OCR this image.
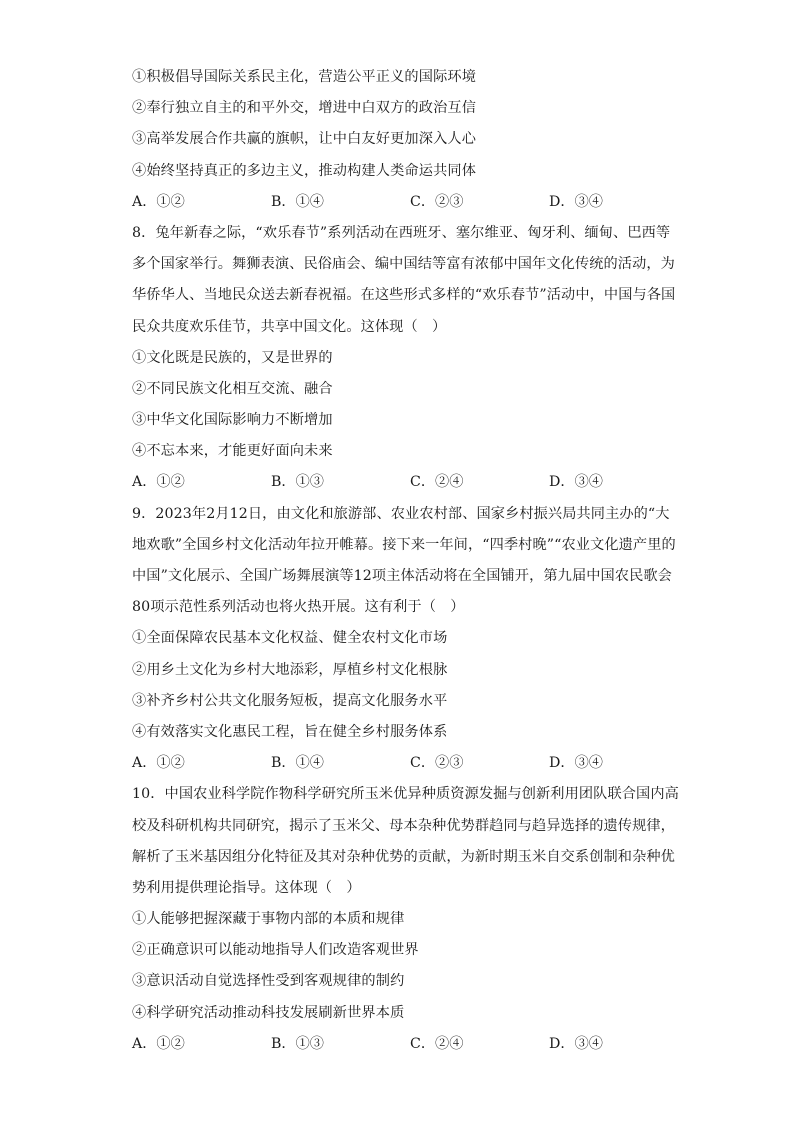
①积极倡导国际关系民主化，营造公平正义的国际环境
②奉行独立自主的和平外交，增进中白双方的政治互信
③高举发展合作共赢的旗帜，让中白友好更加深入人心
④始终坚持真正的多边主义，推动构建人类命运共同体
A．①②	B．①④	C．②③	D．③④
8．兔年新春之际，“欢乐春节”系列活动在西班牙、塞尔维亚、匈牙利、缅甸、巴西等
多个国家举行。舞狮表演、民俗庙会、编中国结等富有浓郁中国年文化传统的活动，为
华侨华人、当地民众送去新春祝福。在这些形式多样的“欢乐春节”活动中，中国与各国
民众共度欢乐佳节，共享中国文化。这体现（　）
①文化既是民族的，又是世界的
②不同民族文化相互交流、融合
③中华文化国际影响力不断增加
④不忘本来，才能更好面向未来
A．①②	B．①③	C．②④	D．③④
9．2023年2月12日，由文化和旅游部、农业农村部、国家乡村振兴局共同主办的“大
地欢歌”全国乡村文化活动年拉开帷幕。接下来一年间，“四季村晚”“农业文化遗产里的
中国”文化展示、全国广场舞展演等12项主体活动将在全国铺开，第九届中国农民歌会
80项示范性系列活动也将火热开展。这有利于（　）
①全面保障农民基本文化权益、健全农村文化市场
②用乡土文化为乡村大地添彩，厚植乡村文化根脉
③补齐乡村公共文化服务短板，提高文化服务水平
④有效落实文化惠民工程，旨在健全乡村服务体系
A．①②	B．①④	C．②③	D．③④
10．中国农业科学院作物科学研究所玉米优异种质资源发掘与创新利用团队联合国内高
校及科研机构共同研究，揭示了玉米父、母本杂种优势群趋同与趋异选择的遗传规律，
解析了玉米基因组分化特征及其对杂种优势的贡献，为新时期玉米自交系创制和杂种优
势利用提供理论指导。这体现（　）
①人能够把握深藏于事物内部的本质和规律
②正确意识可以能动地指导人们改造客观世界
③意识活动自觉选择性受到客观规律的制约
④科学研究活动推动科技发展刷新世界本质
A．①②	B．①③	C．②④	D．③④
